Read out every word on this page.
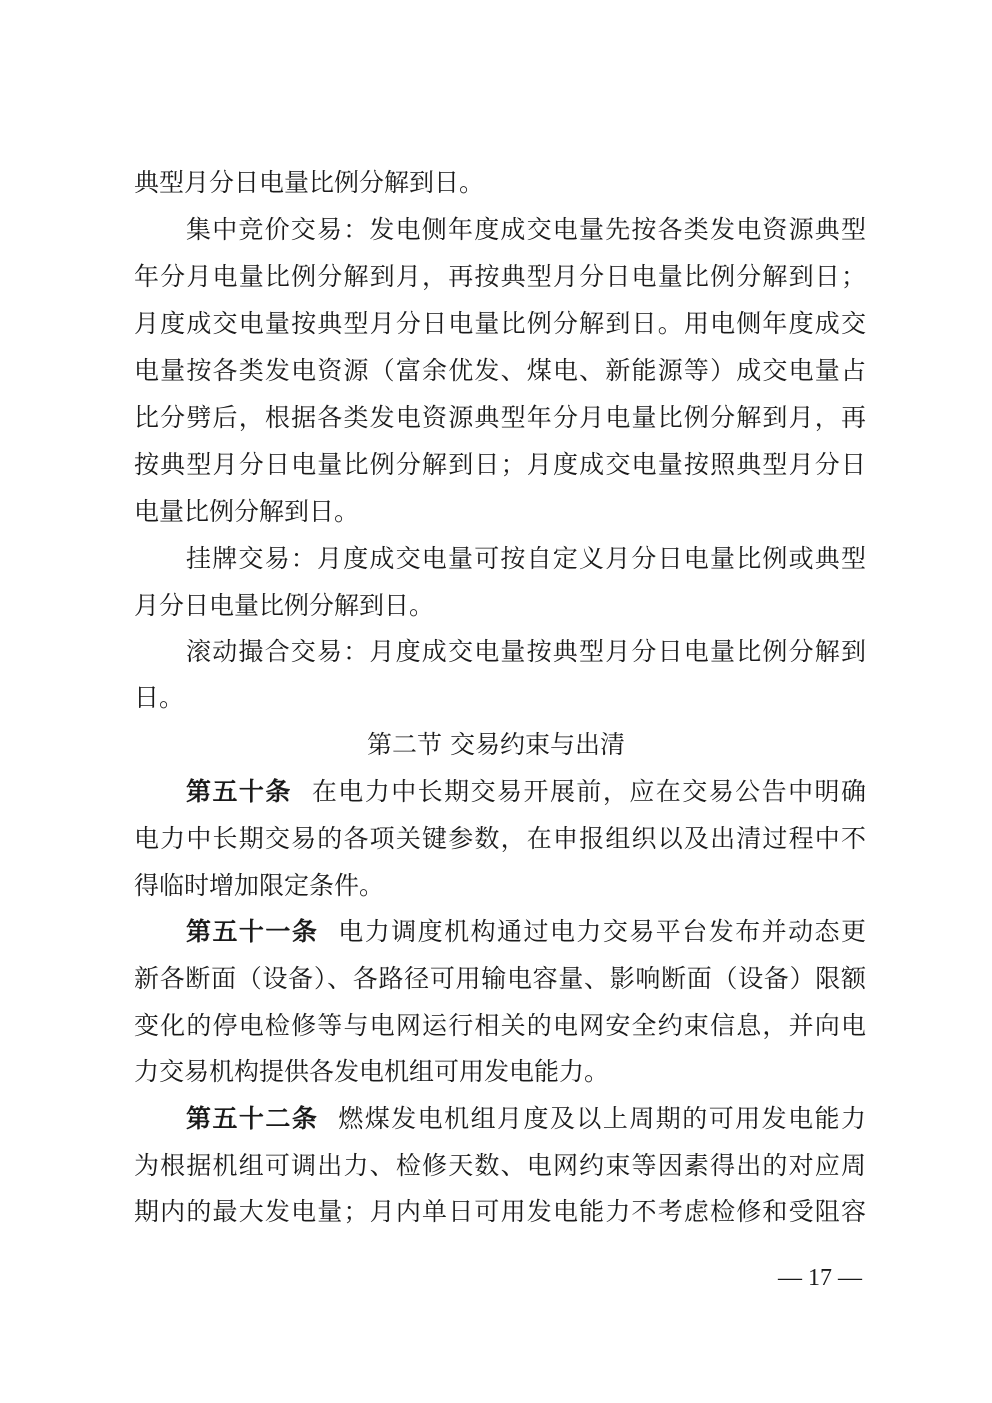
典型月分日电量比例分解到日。
集中竞价交易：发电侧年度成交电量先按各类发电资源典型
年分月电量比例分解到月，再按典型月分日电量比例分解到日；
月度成交电量按典型月分日电量比例分解到日。用电侧年度成交
电量按各类发电资源（富余优发、煤电、新能源等）成交电量占
比分劈后，根据各类发电资源典型年分月电量比例分解到月，再
按典型月分日电量比例分解到日；月度成交电量按照典型月分日
电量比例分解到日。
挂牌交易：月度成交电量可按自定义月分日电量比例或典型
月分日电量比例分解到日。
滚动撮合交易：月度成交电量按典型月分日电量比例分解到
日。
第二节 交易约束与出清
第五十条 在电力中长期交易开展前，应在交易公告中明确
电力中长期交易的各项关键参数，在申报组织以及出清过程中不
得临时增加限定条件。
第五十一条 电力调度机构通过电力交易平台发布并动态更
新各断面（设备）、各路径可用输电容量、影响断面（设备）限额
变化的停电检修等与电网运行相关的电网安全约束信息，并向电
力交易机构提供各发电机组可用发电能力。
第五十二条 燃煤发电机组月度及以上周期的可用发电能力
为根据机组可调出力、检修天数、电网约束等因素得出的对应周
期内的最大发电量；月内单日可用发电能力不考虑检修和受阻容
— 17 —
